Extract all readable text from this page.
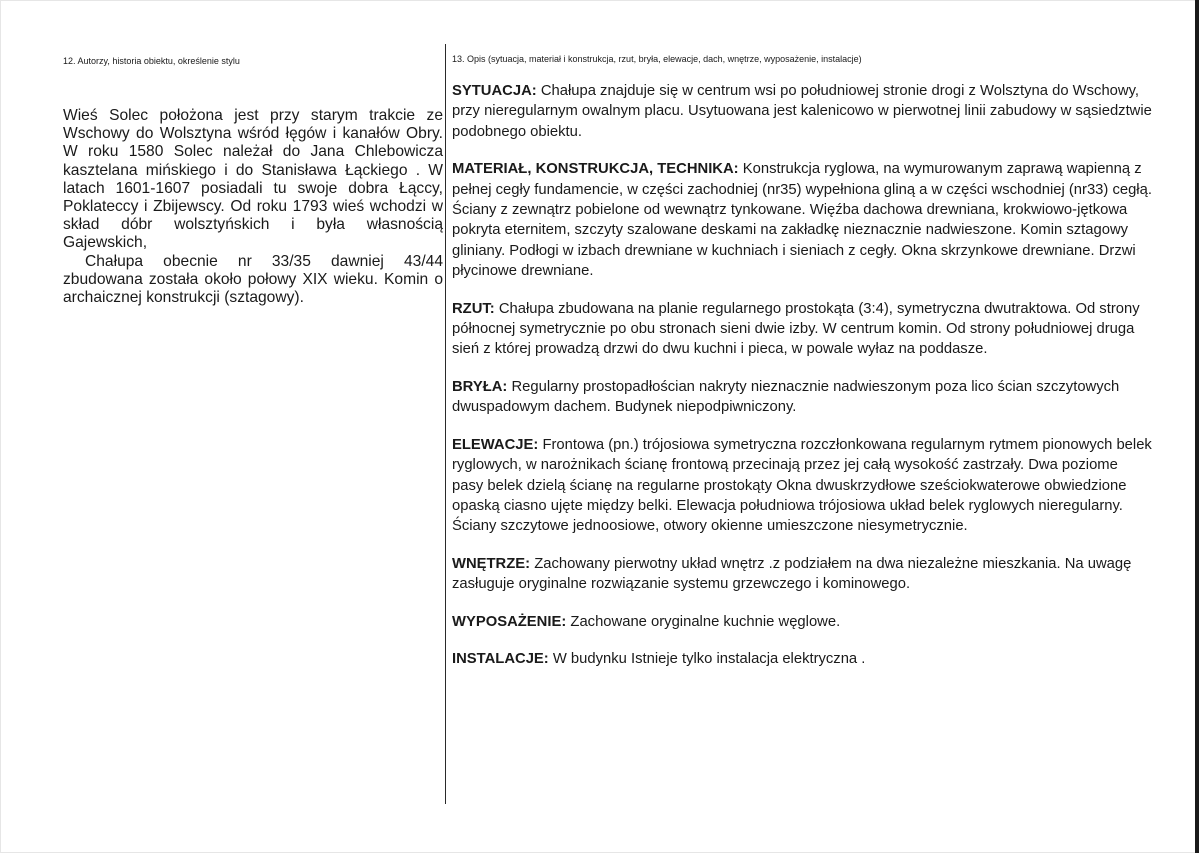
12. Autorzy, historia obiektu, określenie stylu

Wieś Solec położona jest przy starym trakcie ze Wschowy do Wolsztyna wśród łęgów i kanałów Obry. W roku 1580 Solec należał do Jana Chlebowicza kasztelana mińskiego i do Stanisława Łąckiego . W latach 1601-1607 posiadali tu swoje dobra Łąccy, Poklateccy i Zbijewscy. Od roku 1793 wieś wchodzi w skład dóbr wolsztyńskich i była własnością Gajewskich,

Chałupa obecnie nr 33/35 dawniej 43/44 zbudowana została około połowy XIX wieku. Komin o archaicznej konstrukcji (sztagowy).

13. Opis (sytuacja, materiał i konstrukcja, rzut, bryła, elewacje, dach, wnętrze, wyposażenie, instalacje)

SYTUACJA: Chałupa znajduje się w centrum wsi po południowej stronie drogi z Wolsztyna do Wschowy, przy nieregularnym owalnym placu. Usytuowana jest kalenicowo w pierwotnej linii zabudowy w sąsiedztwie podobnego obiektu.

MATERIAŁ, KONSTRUKCJA, TECHNIKA: Konstrukcja ryglowa, na wymurowanym zaprawą wapienną z pełnej cegły fundamencie, w części zachodniej (nr35) wypełniona gliną a w części wschodniej (nr33) cegłą. Ściany z zewnątrz pobielone od wewnątrz tynkowane. Więźba dachowa drewniana, krokwiowo-jętkowa pokryta eternitem, szczyty szalowane deskami na zakładkę nieznacznie nadwieszone. Komin sztagowy gliniany. Podłogi w izbach drewniane w kuchniach i sieniach z cegły. Okna skrzynkowe drewniane. Drzwi płycinowe drewniane.

RZUT: Chałupa zbudowana na planie regularnego prostokąta (3:4), symetryczna dwutraktowa. Od strony północnej symetrycznie po obu stronach sieni dwie izby. W centrum komin. Od strony południowej druga sień z której prowadzą drzwi do dwu kuchni i pieca, w powale wyłaz na poddasze.

BRYŁA: Regularny prostopadłościan nakryty nieznacznie nadwieszonym poza lico ścian szczytowych dwuspadowym dachem. Budynek niepodpiwniczony.

ELEWACJE: Frontowa (pn.) trójosiowa symetryczna rozczłonkowana regularnym rytmem pionowych belek ryglowych, w narożnikach ścianę frontową przecinają przez jej całą wysokość zastrzały. Dwa poziome pasy belek dzielą ścianę na regularne prostokąty Okna dwuskrzydłowe sześciokwaterowe obwiedzione opaską ciasno ujęte między belki. Elewacja południowa trójosiowa układ belek ryglowych nieregularny. Ściany szczytowe jednoosiowe, otwory okienne umieszczone niesymetrycznie.

WNĘTRZE: Zachowany pierwotny układ wnętrz .z podziałem na dwa niezależne mieszkania. Na uwagę zasługuje oryginalne rozwiązanie systemu grzewczego i kominowego.

WYPOSAŻENIE: Zachowane oryginalne kuchnie węglowe.

INSTALACJE: W budynku Istnieje tylko instalacja elektryczna .
